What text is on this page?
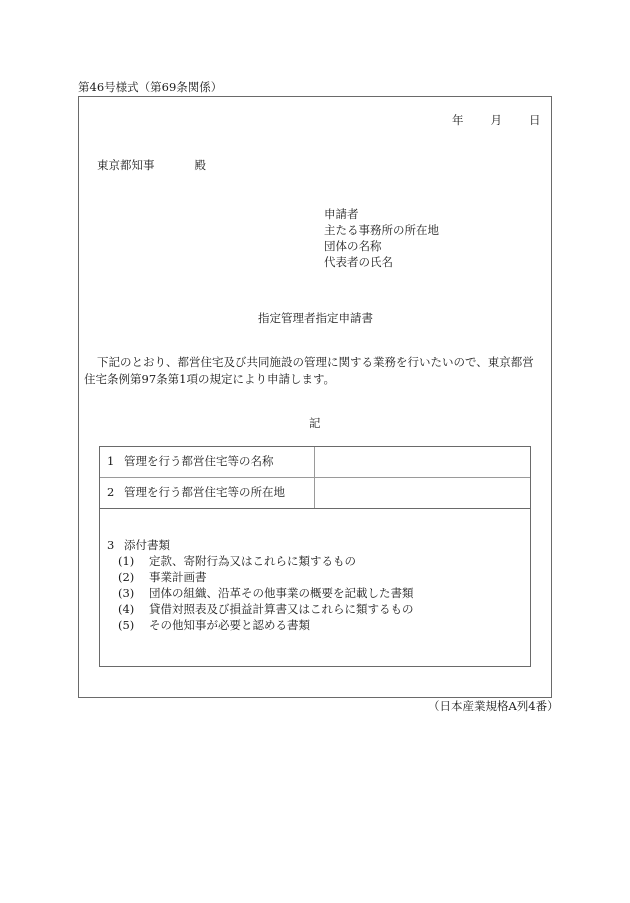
第46号様式（第69条関係）
年 月 日
東京都知事	殿
申請者
主たる事務所の所在地
団体の名称
代表者の氏名
指定管理者指定申請書
下記のとおり、都営住宅及び共同施設の管理に関する業務を行いたいので、東京都営住宅条例第97条第1項の規定により申請します。
記
1 管理を行う都営住宅等の名称
2 管理を行う都営住宅等の所在地
3 添付書類
(1) 定款、寄附行為又はこれらに類するもの
(2) 事業計画書
(3) 団体の組織、沿革その他事業の概要を記載した書類
(4) 貸借対照表及び損益計算書又はこれらに類するもの
(5) その他知事が必要と認める書類
（日本産業規格A列4番）
